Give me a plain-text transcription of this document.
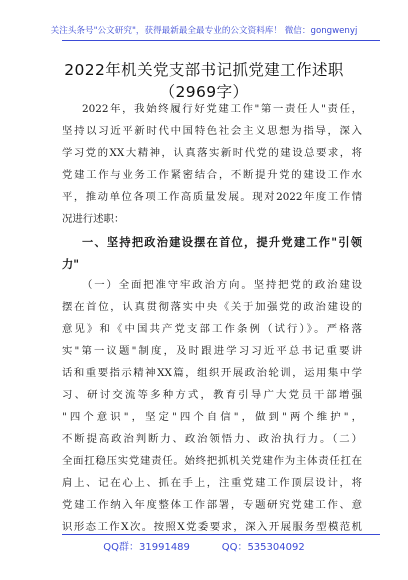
关注头条号"公文研究"，获得最新最全最专业的公文资料库！ 微信：gongwenyj
2022年机关党支部书记抓党建工作述职
（2969字）
2022年，我始终履行好党建工作"第一责任人"责任，
坚持以习近平新时代中国特色社会主义思想为指导，深入
学习党的XX大精神，认真落实新时代党的建设总要求，将
党建工作与业务工作紧密结合，不断提升党的建设工作水
平，推动单位各项工作高质量发展。现对2022年度工作情
况进行述职：
一、坚持把政治建设摆在首位，提升党建工作"引领
力"
（一）全面把准守牢政治方向。坚持把党的政治建设
摆在首位，认真贯彻落实中央《关于加强党的政治建设的
意见》和《中国共产党支部工作条例（试行）》。严格落
实"第一议题"制度，及时跟进学习习近平总书记重要讲
话和重要指示精神XX篇，组织开展政治轮训，运用集中学
习、研讨交流等多种方式，教育引导广大党员干部增强
"四个意识"，坚定"四个自信"，做到"两个维护"，
不断提高政治判断力、政治领悟力、政治执行力。（二）
全面扛稳压实党建责任。始终把抓机关党建作为主体责任扛在
肩上、记在心上、抓在手上，注重党建工作顶层设计，将
党建工作纳入年度整体工作部署，专题研究党建工作、意
识形态工作X次。按照X党委要求，深入开展服务型模范机
QQ群：31991489	QQ：535304092
